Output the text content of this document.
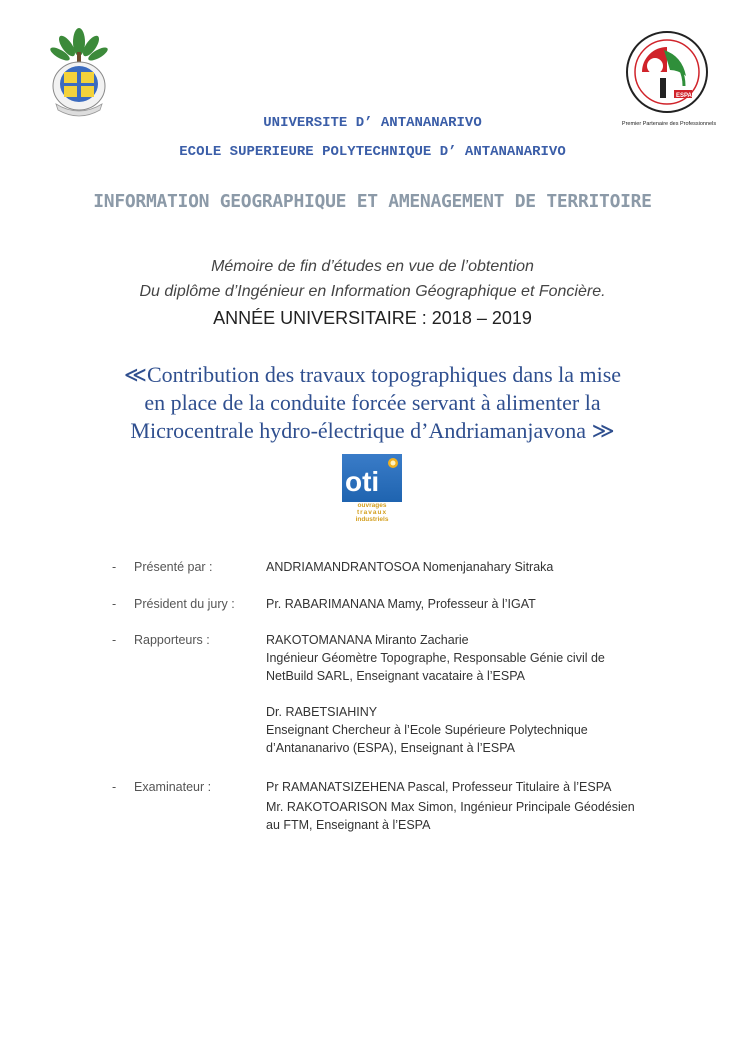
ESPA
Premier Partenaire des Professionnels
UNIVERSITE D’ ANTANANARIVO
ECOLE SUPERIEURE POLYTECHNIQUE D’ ANTANANARIVO
INFORMATION GEOGRAPHIQUE ET AMENAGEMENT DE TERRITOIRE
Mémoire de fin d’études en vue de l’obtention
Du diplôme d’Ingénieur en Information Géographique et Foncière.
ANNÉE UNIVERSITAIRE : 2018 – 2019
≪Contribution des travaux topographiques dans la mise
en place de la conduite forcée servant à alimenter la
Microcentrale hydro-électrique d’Andriamanjavona ≫
oti
ouvrages
travaux
industriels
- Présenté par :	ANDRIAMANDRANTOSOA Nomenjanahary Sitraka
- Président du jury :	Pr. RABARIMANANA Mamy, Professeur à l’IGAT
- Rapporteurs :	RAKOTOMANANA Miranto Zacharie
Ingénieur Géomètre Topographe, Responsable Génie civil de
NetBuild SARL, Enseignant vacataire à l’ESPA
Dr. RABETSIAHINY
Enseignant Chercheur à l’Ecole Supérieure Polytechnique
d’Antananarivo (ESPA), Enseignant à l’ESPA
- Examinateur :	Pr RAMANATSIZEHENA Pascal, Professeur Titulaire à l’ESPA
Mr. RAKOTOARISON Max Simon, Ingénieur Principale Géodésien
au FTM, Enseignant à l’ESPA
